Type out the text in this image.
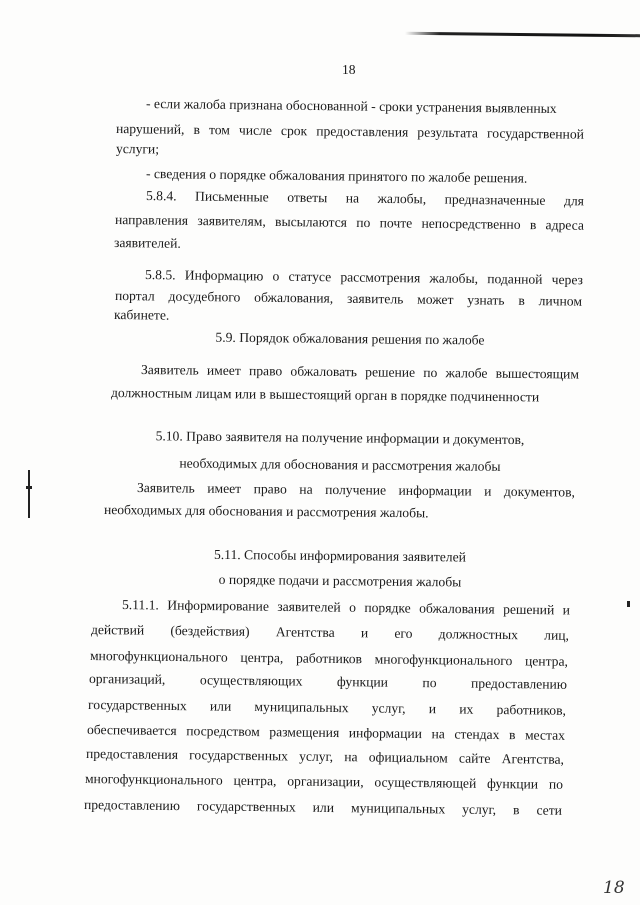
18
- если жалоба признана обоснованной - сроки устранения выявленных
нарушений, в том числе срок предоставления результата государственной
услуги;
- сведения о порядке обжалования принятого по жалобе решения.
5.8.4. Письменные ответы на жалобы, предназначенные для
направления заявителям, высылаются по почте непосредственно в адреса
заявителей.
5.8.5. Информацию о статусе рассмотрения жалобы, поданной через
портал досудебного обжалования, заявитель может узнать в личном
кабинете.
5.9. Порядок обжалования решения по жалобе
Заявитель имеет право обжаловать решение по жалобе вышестоящим
должностным лицам или в вышестоящий орган в порядке подчиненности
5.10. Право заявителя на получение информации и документов,
необходимых для обоснования и рассмотрения жалобы
Заявитель имеет право на получение информации и документов,
необходимых для обоснования и рассмотрения жалобы.
5.11. Способы информирования заявителей
о порядке подачи и рассмотрения жалобы
5.11.1. Информирование заявителей о порядке обжалования решений и
действий (бездействия) Агентства и его должностных лиц,
многофункционального центра, работников многофункционального центра,
организаций, осуществляющих функции по предоставлению
государственных или муниципальных услуг, и их работников,
обеспечивается посредством размещения информации на стендах в местах
предоставления государственных услуг, на официальном сайте Агентства,
многофункционального центра, организации, осуществляющей функции по
предоставлению государственных или муниципальных услуг, в сети
18
